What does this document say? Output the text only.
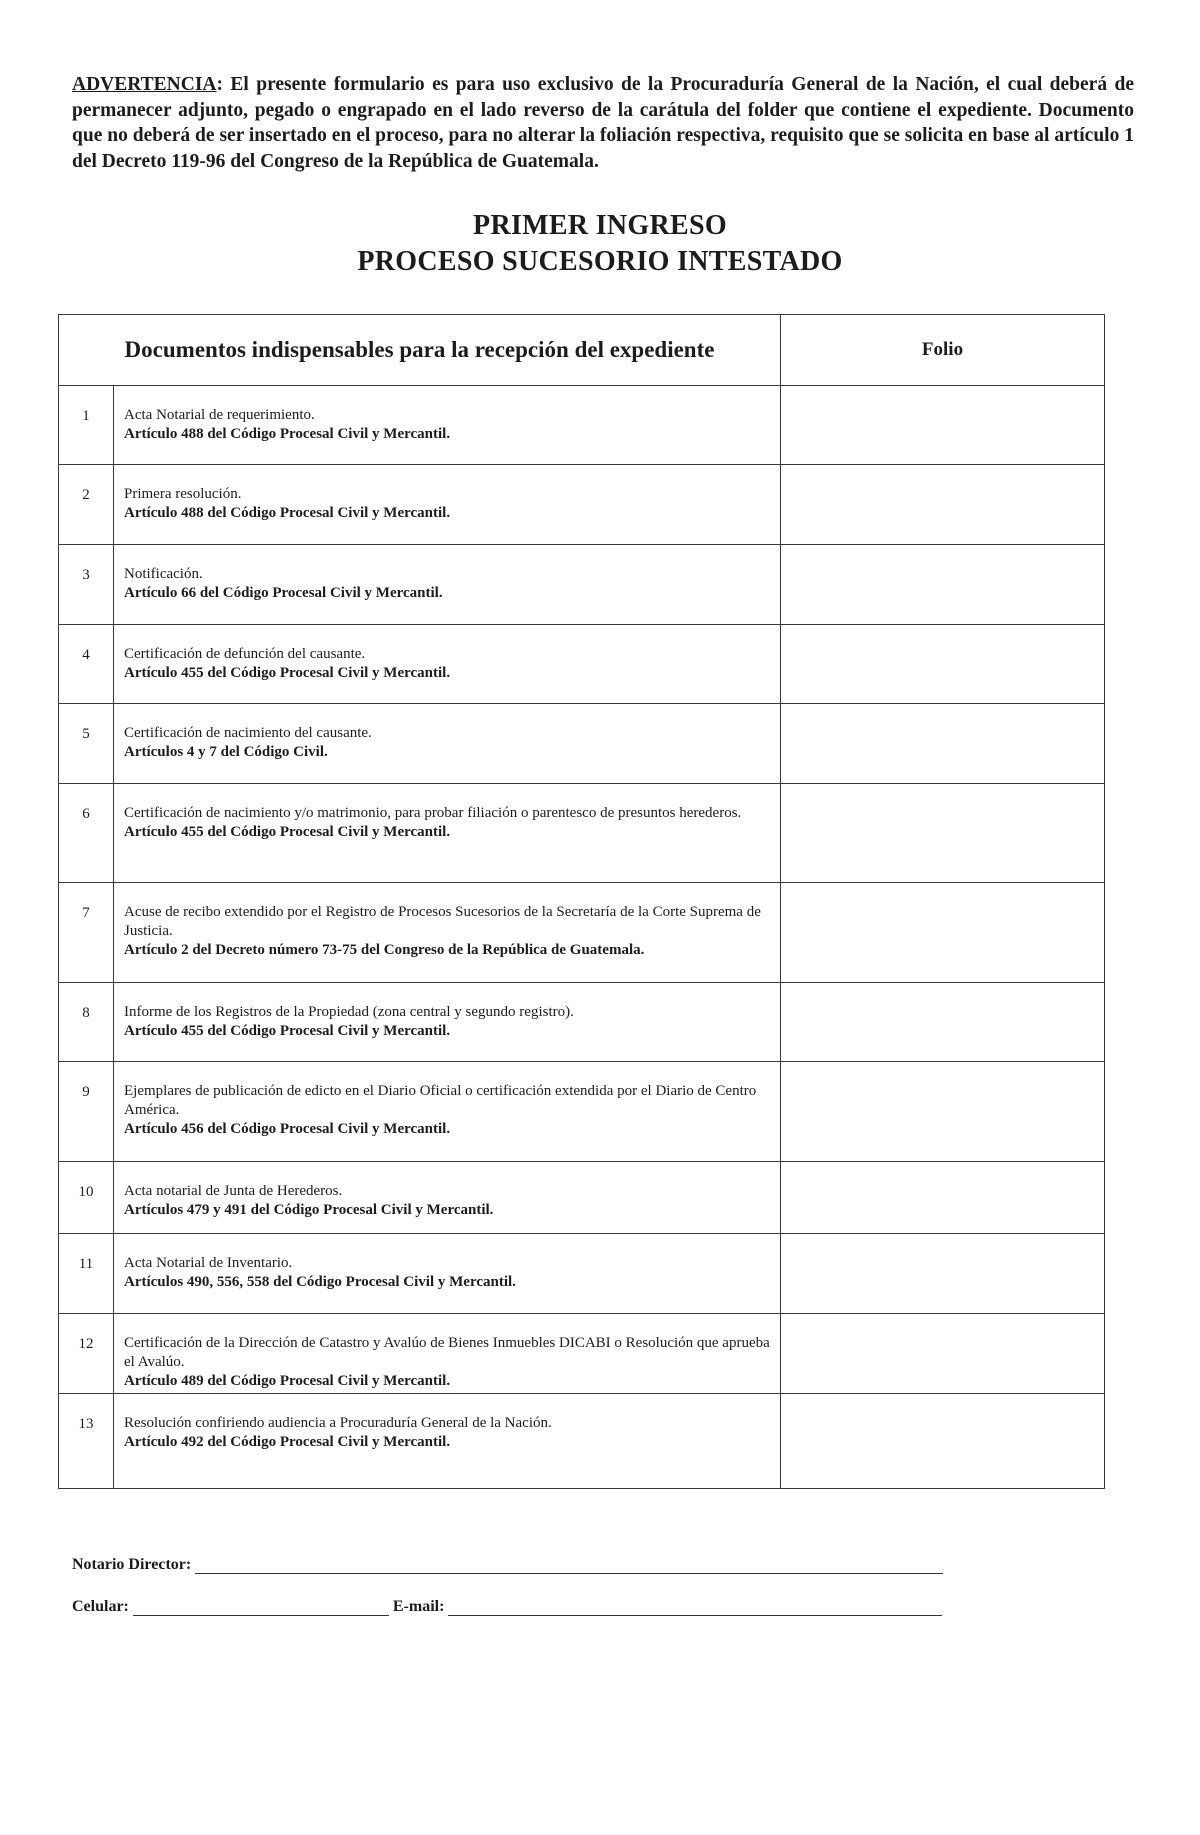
ADVERTENCIA: El presente formulario es para uso exclusivo de la Procuraduría General de la Nación, el cual deberá de permanecer adjunto, pegado o engrapado en el lado reverso de la carátula del folder que contiene el expediente. Documento que no deberá de ser insertado en el proceso, para no alterar la foliación respectiva, requisito que se solicita en base al artículo 1 del Decreto 119-96 del Congreso de la República de Guatemala.
PRIMER INGRESO
PROCESO SUCESORIO INTESTADO
Documentos indispensables para la recepción del expediente		Folio
1	Acta Notarial de requerimiento.
Artículo 488 del Código Procesal Civil y Mercantil.	

2	Primera resolución.
Artículo 488 del Código Procesal Civil y Mercantil.	

3	Notificación.
Artículo 66 del Código Procesal Civil y Mercantil.	

4	Certificación de defunción del causante.
Artículo 455 del Código Procesal Civil y Mercantil.	

5	Certificación de nacimiento del causante.
Artículos 4 y 7 del Código Civil.	

6	Certificación de nacimiento y/o matrimonio, para probar filiación o parentesco de presuntos herederos.
Artículo 455 del Código Procesal Civil y Mercantil.	

7	Acuse de recibo extendido por el Registro de Procesos Sucesorios de la Secretaría de la Corte Suprema de Justicia.
Artículo 2 del Decreto número 73-75 del Congreso de la República de Guatemala.	

8	Informe de los Registros de la Propiedad (zona central y segundo registro).
Artículo 455 del Código Procesal Civil y Mercantil.	

9	Ejemplares de publicación de edicto en el Diario Oficial o certificación extendida por el Diario de Centro América.
Artículo 456 del Código Procesal Civil y Mercantil.	

10	Acta notarial de Junta de Herederos.
Artículos 479 y 491 del Código Procesal Civil y Mercantil.	

11	Acta Notarial de Inventario.
Artículos 490, 556, 558 del Código Procesal Civil y Mercantil.	

12	Certificación de la Dirección de Catastro y Avalúo de Bienes Inmuebles DICABI o Resolución que aprueba el Avalúo.
Artículo 489 del Código Procesal Civil y Mercantil.	

13	Resolución confiriendo audiencia a Procuraduría General de la Nación.
Artículo 492 del Código Procesal Civil y Mercantil.	

Notario Director:
Celular:	E-mail:
